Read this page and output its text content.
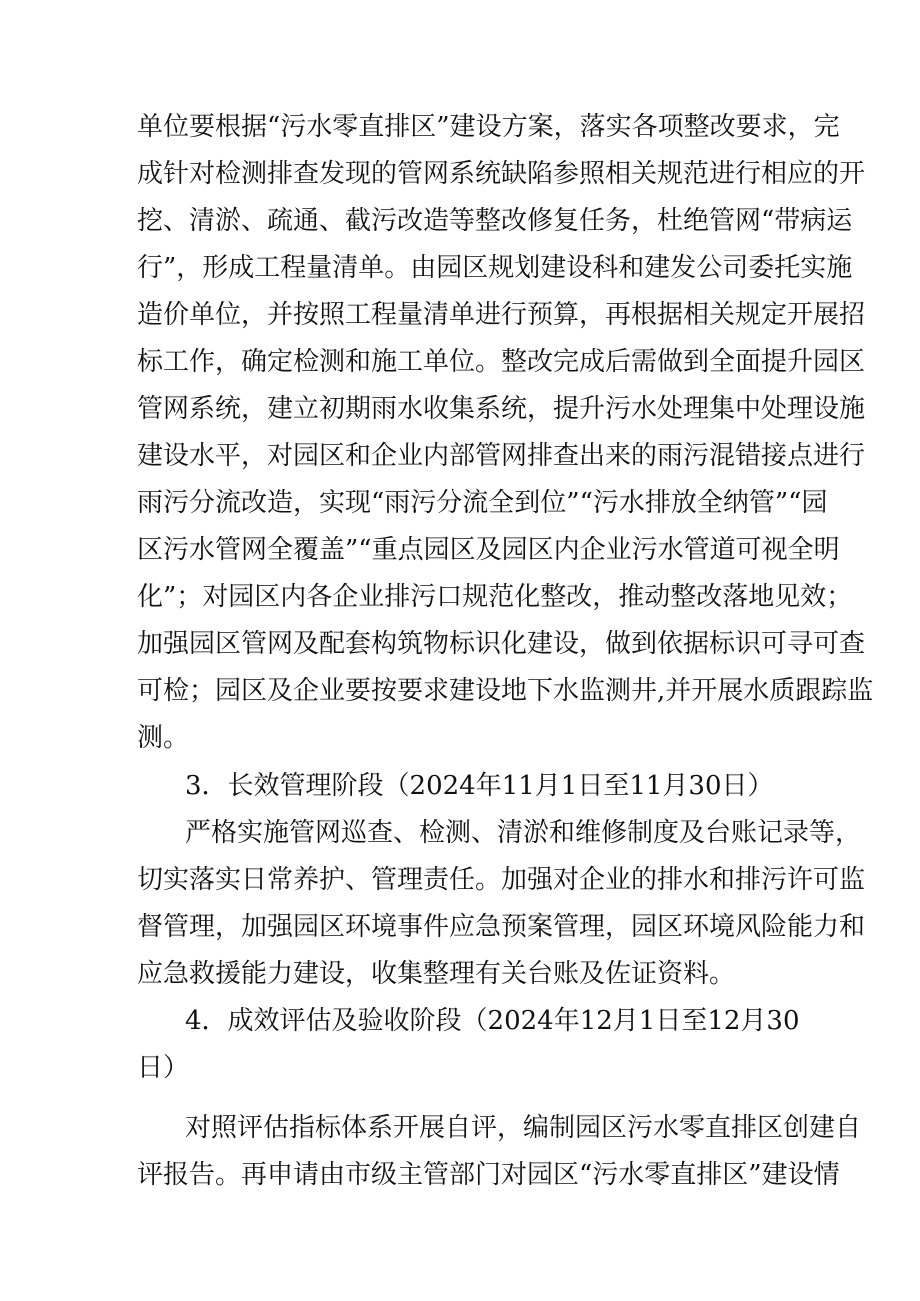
单位要根据“污水零直排区”建设方案，落实各项整改要求，完
成针对检测排查发现的管网系统缺陷参照相关规范进行相应的开
挖、清淤、疏通、截污改造等整改修复任务，杜绝管网“带病运
行”，形成工程量清单。由园区规划建设科和建发公司委托实施
造价单位，并按照工程量清单进行预算，再根据相关规定开展招
标工作，确定检测和施工单位。整改完成后需做到全面提升园区
管网系统，建立初期雨水收集系统，提升污水处理集中处理设施
建设水平，对园区和企业内部管网排查出来的雨污混错接点进行
雨污分流改造，实现“雨污分流全到位”“污水排放全纳管”“园
区污水管网全覆盖”“重点园区及园区内企业污水管道可视全明
化”；对园区内各企业排污口规范化整改，推动整改落地见效；
加强园区管网及配套构筑物标识化建设，做到依据标识可寻可查
可检；园区及企业要按要求建设地下水监测井,并开展水质跟踪监
测。
3．长效管理阶段（2024年11月1日至11月30日）
严格实施管网巡查、检测、清淤和维修制度及台账记录等，
切实落实日常养护、管理责任。加强对企业的排水和排污许可监
督管理，加强园区环境事件应急预案管理，园区环境风险能力和
应急救援能力建设，收集整理有关台账及佐证资料。
4．成效评估及验收阶段（2024年12月1日至12月30
日）
对照评估指标体系开展自评，编制园区污水零直排区创建自
评报告。再申请由市级主管部门对园区“污水零直排区”建设情
